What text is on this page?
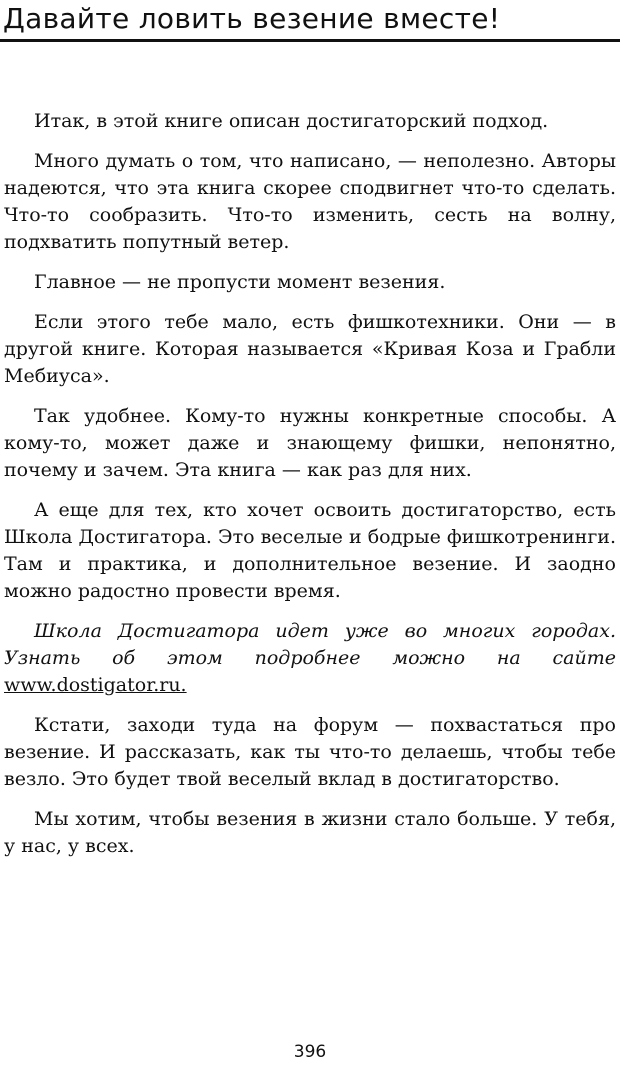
Давайте ловить везение вместе!

Итак, в этой книге описан достигаторский подход.

Много думать о том, что написано, — неполезно. Авторы надеются, что эта книга скорее сподвигнет что-то сделать. Что-то сообразить. Что-то изменить, сесть на волну, подхватить попутный ветер.

Главное — не пропусти момент везения.

Если этого тебе мало, есть фишкотехники. Они — в другой книге. Которая называется «Кривая Коза и Грабли Мебиуса».

Так удобнее. Кому-то нужны конкретные способы. А кому-то, может даже и знающему фишки, непонятно, почему и зачем. Эта книга — как раз для них.

А еще для тех, кто хочет освоить достигаторство, есть Школа Достигатора. Это веселые и бодрые фишкотренинги. Там и практика, и дополнительное везение. И заодно можно радостно провести время.

Школа Достигатора идет уже во многих городах. Узнать об этом подробнее можно на сайте www.dostigator.ru.

Кстати, заходи туда на форум — похвастаться про везение. И рассказать, как ты что-то делаешь, чтобы тебе везло. Это будет твой веселый вклад в достигаторство.

Мы хотим, чтобы везения в жизни стало больше. У тебя, у нас, у всех.

396
